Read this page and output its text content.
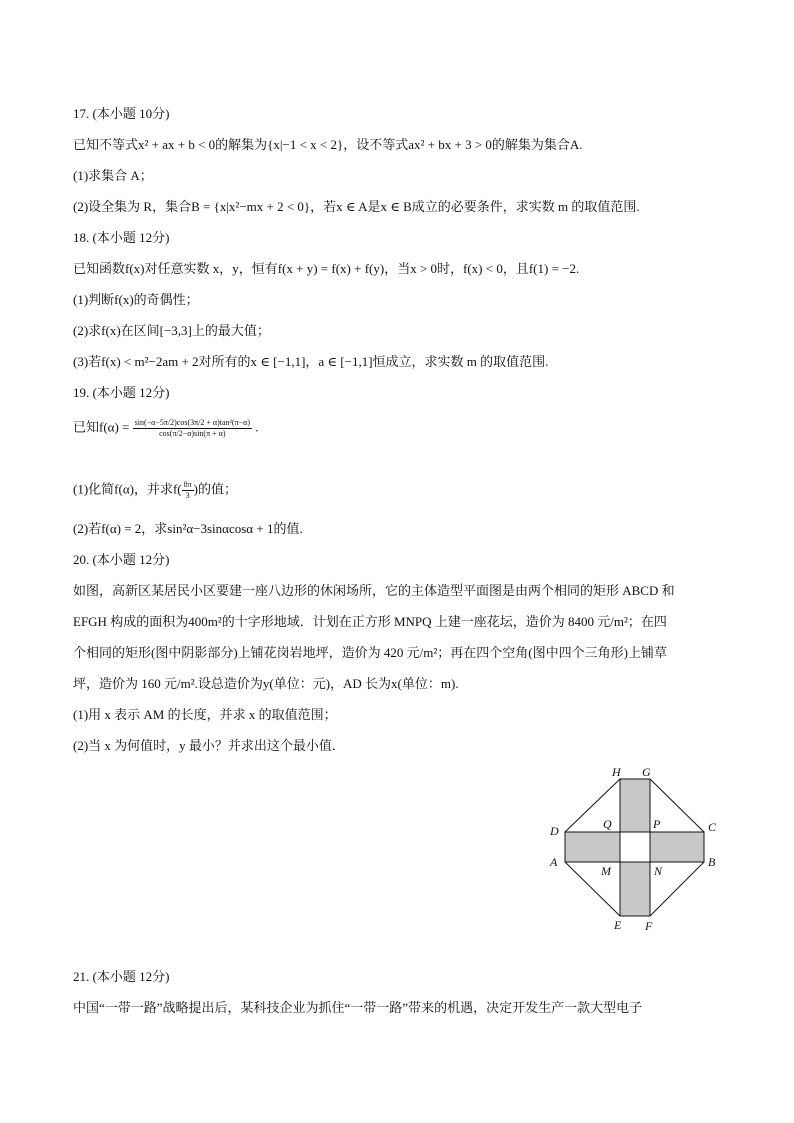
17. (本小题 10分)
已知不等式x² + ax + b < 0的解集为{x|−1 < x < 2}，设不等式ax² + bx + 3 > 0的解集为集合A.
(1)求集合 A；
(2)设全集为 R，集合B = {x|x²−mx + 2 < 0}，若x ∈ A是x ∈ B成立的必要条件，求实数 m 的取值范围.
18. (本小题 12分)
已知函数f(x)对任意实数 x，y，恒有f(x + y) = f(x) + f(y)，当x > 0时，f(x) < 0，且f(1) = −2.
(1)判断f(x)的奇偶性；
(2)求f(x)在区间[−3,3]上的最大值；
(3)若f(x) < m²−2am + 2对所有的x ∈ [−1,1]，a ∈ [−1,1]恒成立，求实数 m 的取值范围.
19. (本小题 12分)
已知$f(\alpha) = \frac{\text{sin(−α−5π/2)cos(3π/2 + α)tan²(π−α)}}{\cos(\pi/2-\alpha)\sin(\pi + \alpha)}$ .
(1)化简f(α)，并求$f( \frac{8\pi}{3}$ )的值；
(2)若f(α) = 2，求sin²α−3sinαcosα + 1的值.
20. (本小题 12分)
如图，高新区某居民小区要建一座八边形的休闲场所，它的主体造型平面图是由两个相同的矩形 ABCD 和
EFGH 构成的面积为400m²的十字形地域．计划在正方形 MNPQ 上建一座花坛，造价为 8400 元/m²；在四
个相同的矩形(图中阴影部分)上铺花岗岩地坪，造价为 420 元/m²；再在四个空角(图中四个三角形)上铺草
坪，造价为 160 元/m².设总造价为y(单位：元)，AD 长为x(单位：m).
(1)用 x 表示 AM 的长度，并求 x 的取值范围；
(2)当 x 为何值时，y 最小？并求出这个最小值．
H G
D	C
Q	P
A	B
M	N
E F
21. (本小题 12分)
中国“一带一路”战略提出后，某科技企业为抓住“一带一路”带来的机遇，决定开发生产一款大型电子
